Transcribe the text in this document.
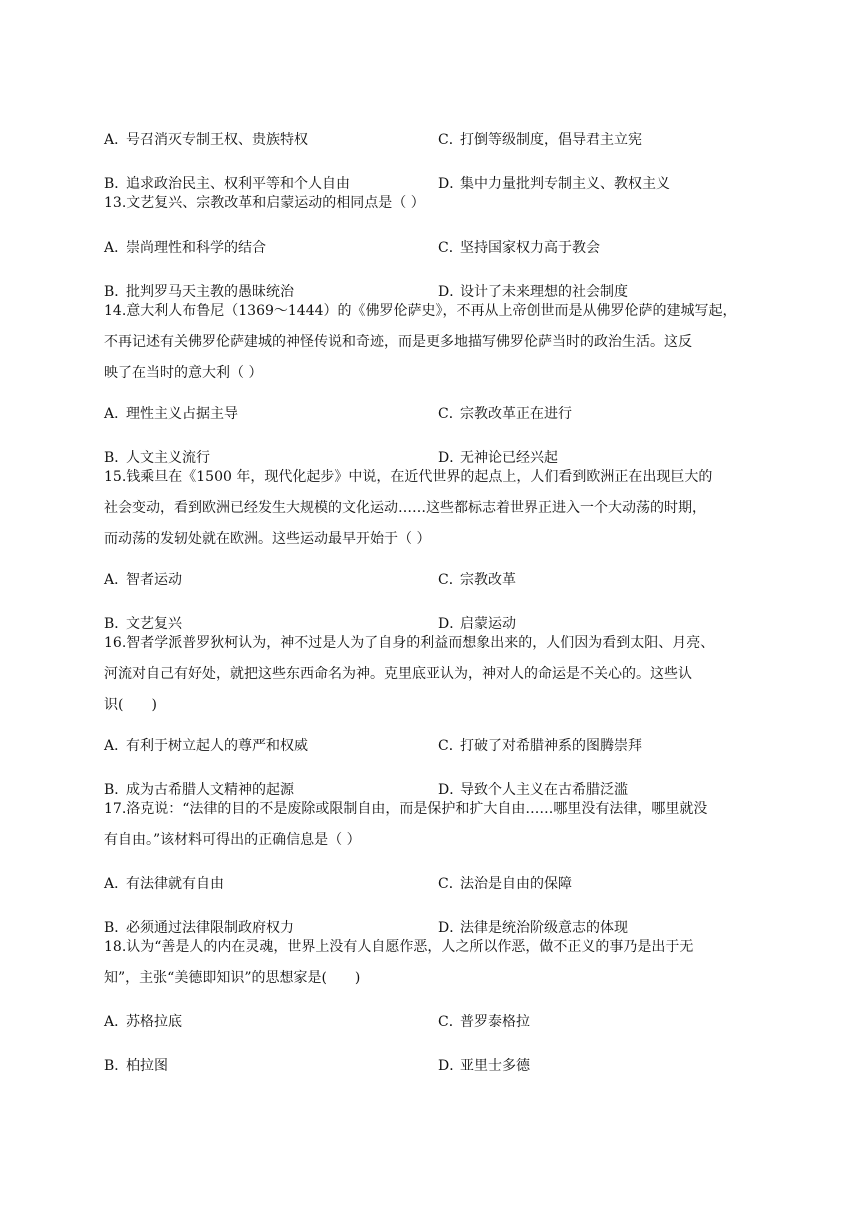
A．号召消灭专制王权、贵族特权	C．打倒等级制度，倡导君主立宪
B．追求政治民主、权利平等和个人自由	D．集中力量批判专制主义、教权主义
13.文艺复兴、宗教改革和启蒙运动的相同点是（ ）
A．崇尚理性和科学的结合	C．坚持国家权力高于教会
B．批判罗马天主教的愚昧统治	D．设计了未来理想的社会制度
14.意大利人布鲁尼（1369～1444）的《佛罗伦萨史》，不再从上帝创世而是从佛罗伦萨的建城写起，
不再记述有关佛罗伦萨建城的神怪传说和奇迹，而是更多地描写佛罗伦萨当时的政治生活。这反
映了在当时的意大利（ ）
A．理性主义占据主导	C．宗教改革正在进行
B．人文主义流行	D．无神论已经兴起
15.钱乘旦在《1500 年，现代化起步》中说，在近代世界的起点上，人们看到欧洲正在出现巨大的
社会变动，看到欧洲已经发生大规模的文化运动……这些都标志着世界正进入一个大动荡的时期，
而动荡的发轫处就在欧洲。这些运动最早开始于（ ）
A．智者运动	C．宗教改革
B．文艺复兴	D．启蒙运动
16.智者学派普罗狄柯认为，神不过是人为了自身的利益而想象出来的，人们因为看到太阳、月亮、
河流对自己有好处，就把这些东西命名为神。克里底亚认为，神对人的命运是不关心的。这些认
识(　　)
A．有利于树立起人的尊严和权威	C．打破了对希腊神系的图腾崇拜
B．成为古希腊人文精神的起源	D．导致个人主义在古希腊泛滥
17.洛克说：“法律的目的不是废除或限制自由，而是保护和扩大自由……哪里没有法律，哪里就没
有自由。”该材料可得出的正确信息是（ ）
A．有法律就有自由	C．法治是自由的保障
B．必须通过法律限制政府权力	D．法律是统治阶级意志的体现
18.认为“善是人的内在灵魂，世界上没有人自愿作恶，人之所以作恶，做不正义的事乃是出于无
知”，主张“美德即知识”的思想家是(　　)
A．苏格拉底	C．普罗泰格拉
B．柏拉图	D．亚里士多德
